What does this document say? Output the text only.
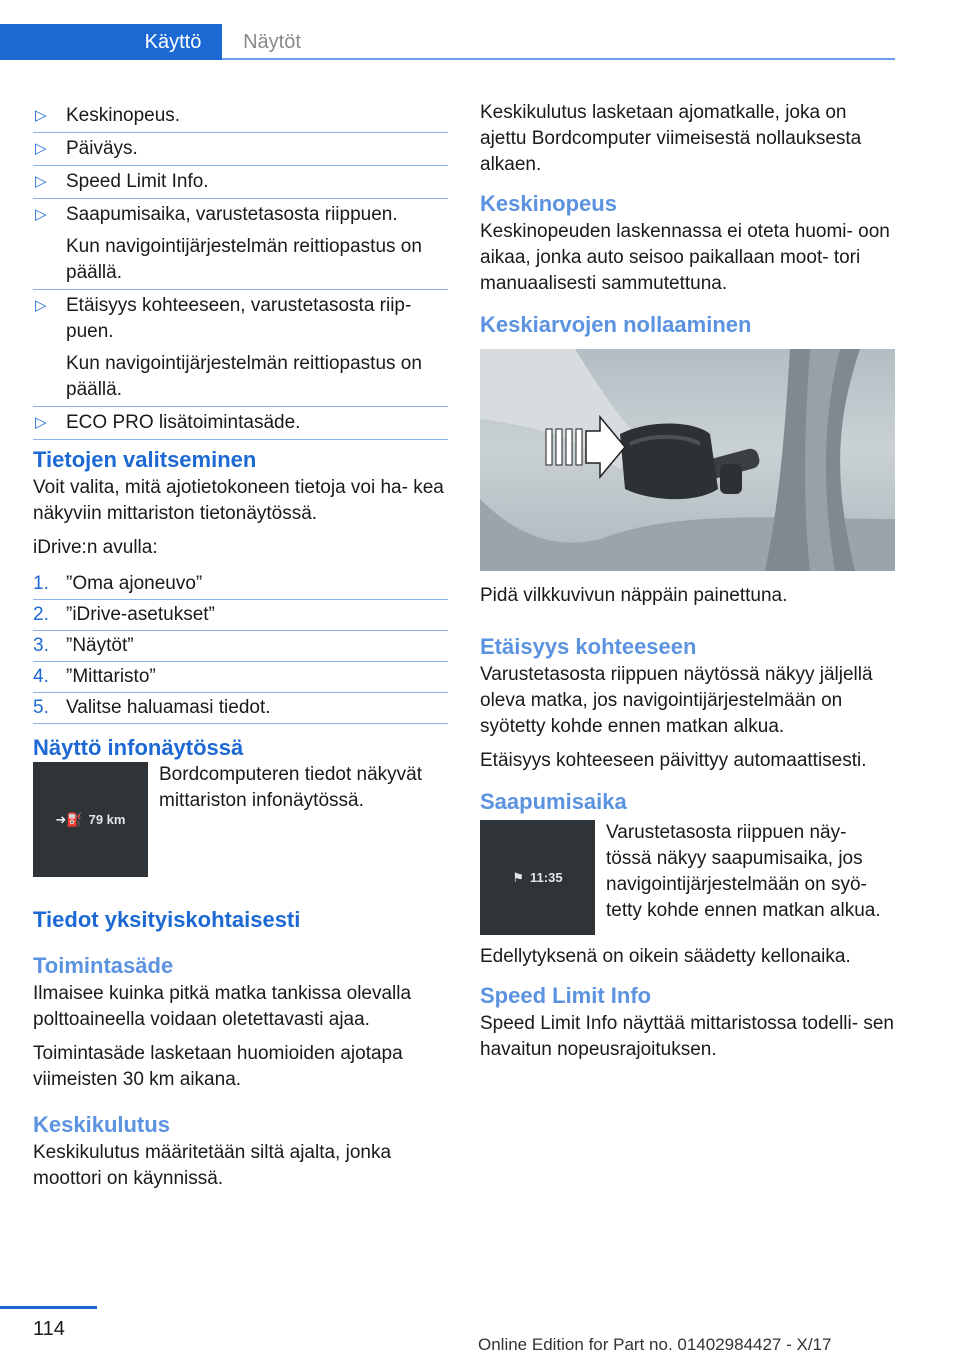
Käyttö	Näytöt
▷ Keskinopeus.
▷ Päiväys.
▷ Speed Limit Info.
▷ Saapumisaika, varustetasosta riippuen.
Kun navigointijärjestelmän reittiopastus on päällä.
▷ Etäisyys kohteeseen, varustetasosta riip‐ puen.
Kun navigointijärjestelmän reittiopastus on päällä.
▷ ECO PRO lisätoimintasäde.
Tietojen valitseminen

Voit valita, mitä ajotietokoneen tietoja voi ha‐ kea näkyviin mittariston tietonäytössä.

iDrive:n avulla:

1. ”Oma ajoneuvo”
2. ”iDrive-asetukset”
3. ”Näytöt”
4. ”Mittaristo”
5. Valitse haluamasi tiedot.
Näyttö infonäytössä
➜⛽ 79 km

Bordcomputeren tiedot näkyvät mittariston infonäytössä.

Tiedot yksityiskohtaisesti
Toimintasäde

Ilmaisee kuinka pitkä matka tankissa olevalla polttoaineella voidaan oletettavasti ajaa.

Toimintasäde lasketaan huomioiden ajotapa viimeisten 30 km aikana.

Keskikulutus

Keskikulutus määritetään siltä ajalta, jonka moottori on käynnissä.

Keskikulutus lasketaan ajomatkalle, joka on ajettu Bordcomputer viimeisestä nollauksesta alkaen.

Keskinopeus

Keskinopeuden laskennassa ei oteta huomi‐ oon aikaa, jonka auto seisoo paikallaan moot‐ tori manuaalisesti sammutettuna.

Keskiarvojen nollaaminen

Pidä vilkkuvivun näppäin painettuna.

Etäisyys kohteeseen

Varustetasosta riippuen näytössä näkyy jäljellä oleva matka, jos navigointijärjestelmään on syötetty kohde ennen matkan alkua.

Etäisyys kohteeseen päivittyy automaattisesti.

Saapumisaika
⚑ 11:35

Varustetasosta riippuen näy‐ tössä näkyy saapumisaika, jos navigointijärjestelmään on syö‐ tetty kohde ennen matkan alkua.

Edellytyksenä on oikein säädetty kellonaika.

Speed Limit Info

Speed Limit Info näyttää mittaristossa todelli‐ sen havaitun nopeusrajoituksen.

114
Online Edition for Part no. 01402984427 - X/17
